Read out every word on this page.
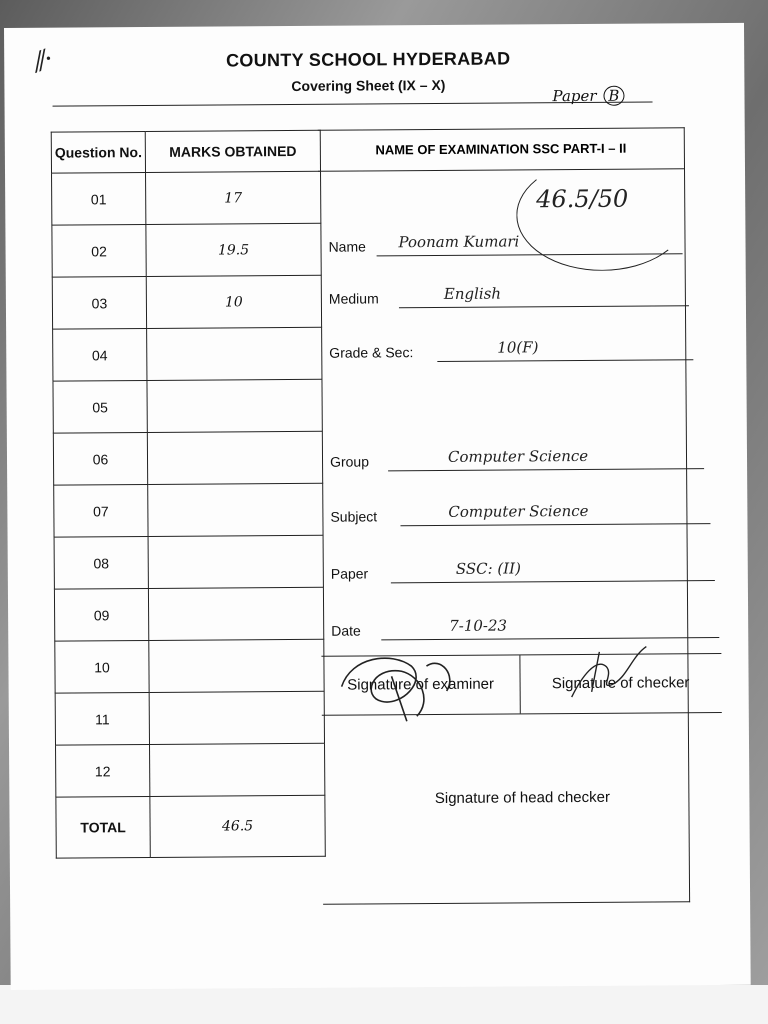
⁄⁄·	COUNTY SCHOOL HYDERABAD
Covering Sheet (IX – X)
Paper B
Question No.	MARKS OBTAINED
01	17
02	19.5
03	10
04	
05	
06	
07	
08	
09	
10	
11	
12	
TOTAL	46.5
NAME OF EXAMINATION SSC PART-I – II
46.5/50
Name Poonam Kumari
Medium	English
Grade & Sec:	10(F)
Group	Computer Science
Subject	Computer Science
Paper	SSC: (II)
Date	7-10-23
Signature of examiner	Signature of checker
Signature of head checker
